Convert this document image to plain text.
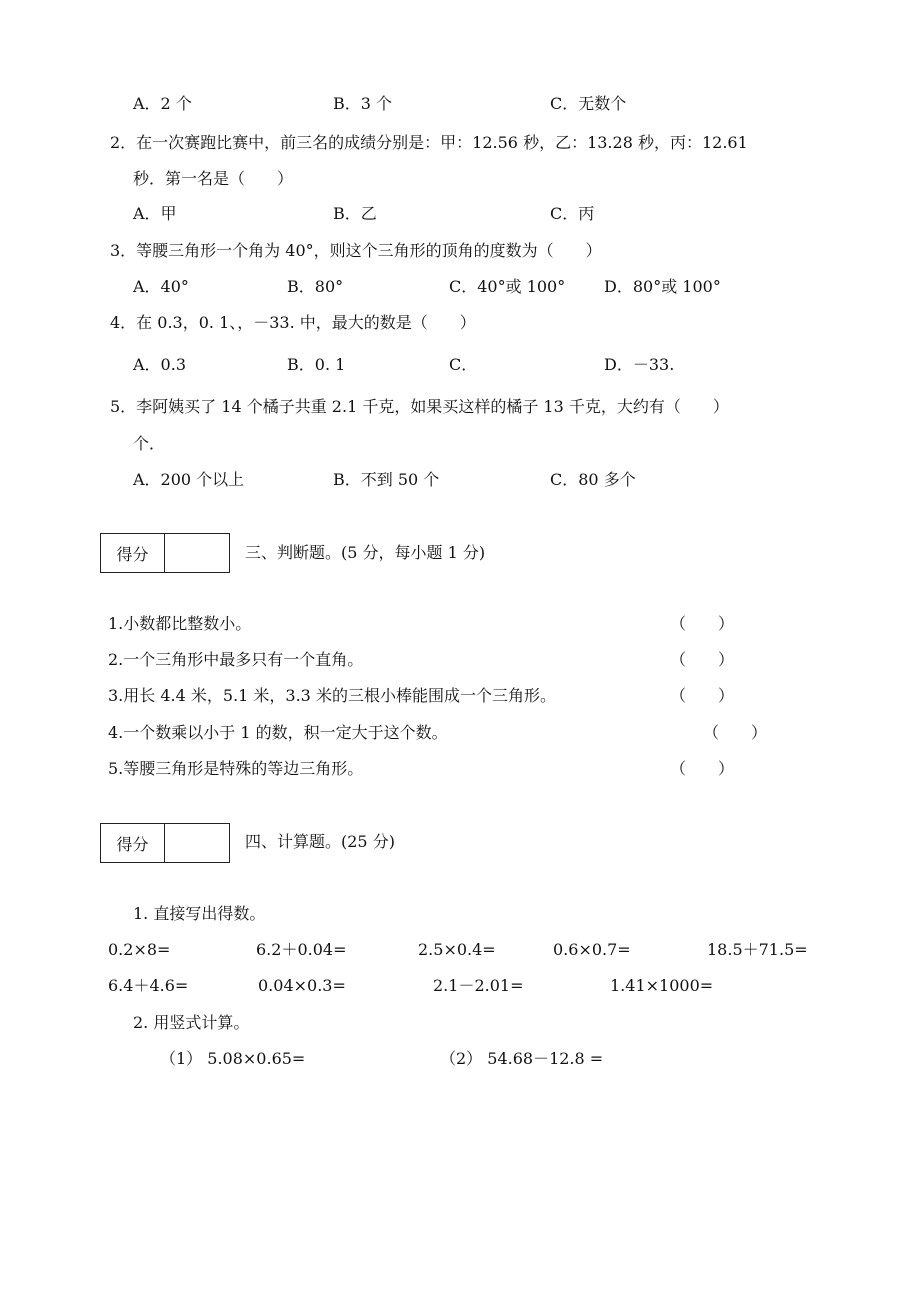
A．2 个	B．3 个	C．无数个
2．在一次赛跑比赛中，前三名的成绩分别是：甲：12.56 秒，乙：13.28 秒，丙：12.61
秒．第一名是（　　）
A．甲	B．乙	C．丙
3．等腰三角形一个角为 40°，则这个三角形的顶角的度数为（　　）
A．40°	B．80°	C．40°或 100° D．80°或 100°
4．在 0.3，0. 1、，－33. 中，最大的数是（　　）
A．0.3	B．0. 1	C．	D．－33.
5．李阿姨买了 14 个橘子共重 2.1 千克，如果买这样的橘子 13 千克，大约有（　　）
个．
A．200 个以上	B．不到 50 个	C．80 多个
得分	三、判断题。(5 分，每小题 1 分)
1.小数都比整数小。	（　　）
2.一个三角形中最多只有一个直角。	（　　）
3.用长 4.4 米，5.1 米，3.3 米的三根小棒能围成一个三角形。	（　　）
4.一个数乘以小于 1 的数，积一定大于这个数。	（　　）
5.等腰三角形是特殊的等边三角形。	（　　）
得分	四、计算题。(25 分)
1. 直接写出得数。
0.2×8=	6.2＋0.04=	2.5×0.4=	0.6×0.7=	18.5＋71.5=
6.4＋4.6=	0.04×0.3=	2.1－2.01=	1.41×1000=
2. 用竖式计算。
（1） 5.08×0.65=	（2） 54.68－12.8 =
